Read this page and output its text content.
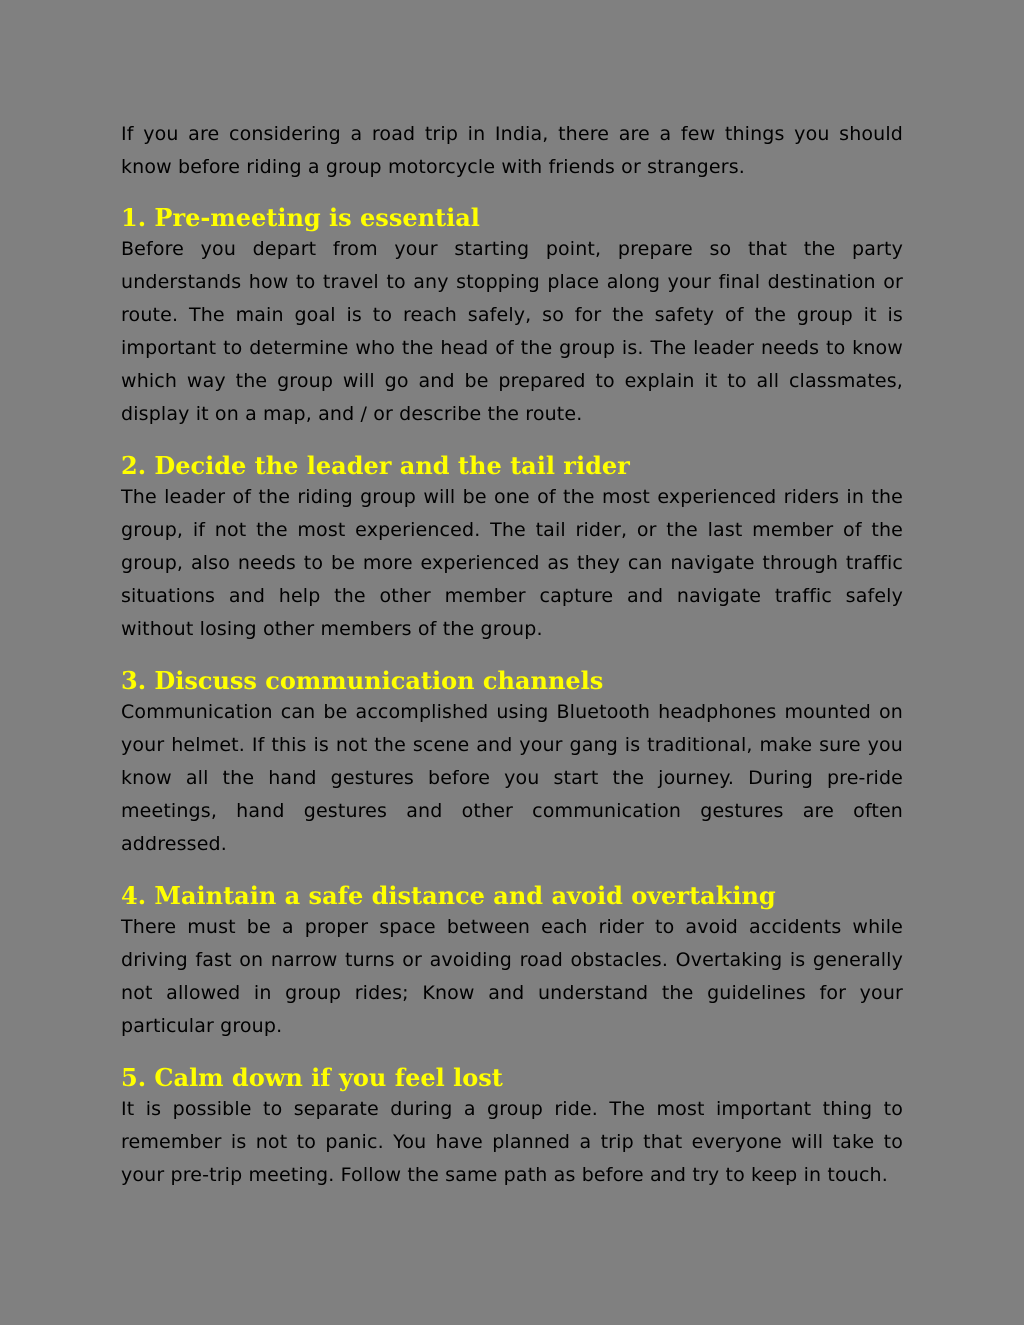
If you are considering a road trip in India, there are a few things you should know before riding a group motorcycle with friends or strangers.

1. Pre-meeting is essential

Before you depart from your starting point, prepare so that the party understands how to travel to any stopping place along your final destination or route. The main goal is to reach safely, so for the safety of the group it is important to determine who the head of the group is. The leader needs to know which way the group will go and be prepared to explain it to all classmates, display it on a map, and / or describe the route.

2. Decide the leader and the tail rider

The leader of the riding group will be one of the most experienced riders in the group, if not the most experienced. The tail rider, or the last member of the group, also needs to be more experienced as they can navigate through traffic situations and help the other member capture and navigate traffic safely without losing other members of the group.

3. Discuss communication channels

Communication can be accomplished using Bluetooth headphones mounted on your helmet. If this is not the scene and your gang is traditional, make sure you know all the hand gestures before you start the journey. During pre-ride meetings, hand gestures and other communication gestures are often addressed.

4. Maintain a safe distance and avoid overtaking

There must be a proper space between each rider to avoid accidents while driving fast on narrow turns or avoiding road obstacles. Overtaking is generally not allowed in group rides; Know and understand the guidelines for your particular group.

5. Calm down if you feel lost

It is possible to separate during a group ride. The most important thing to remember is not to panic. You have planned a trip that everyone will take to your pre-trip meeting. Follow the same path as before and try to keep in touch.
